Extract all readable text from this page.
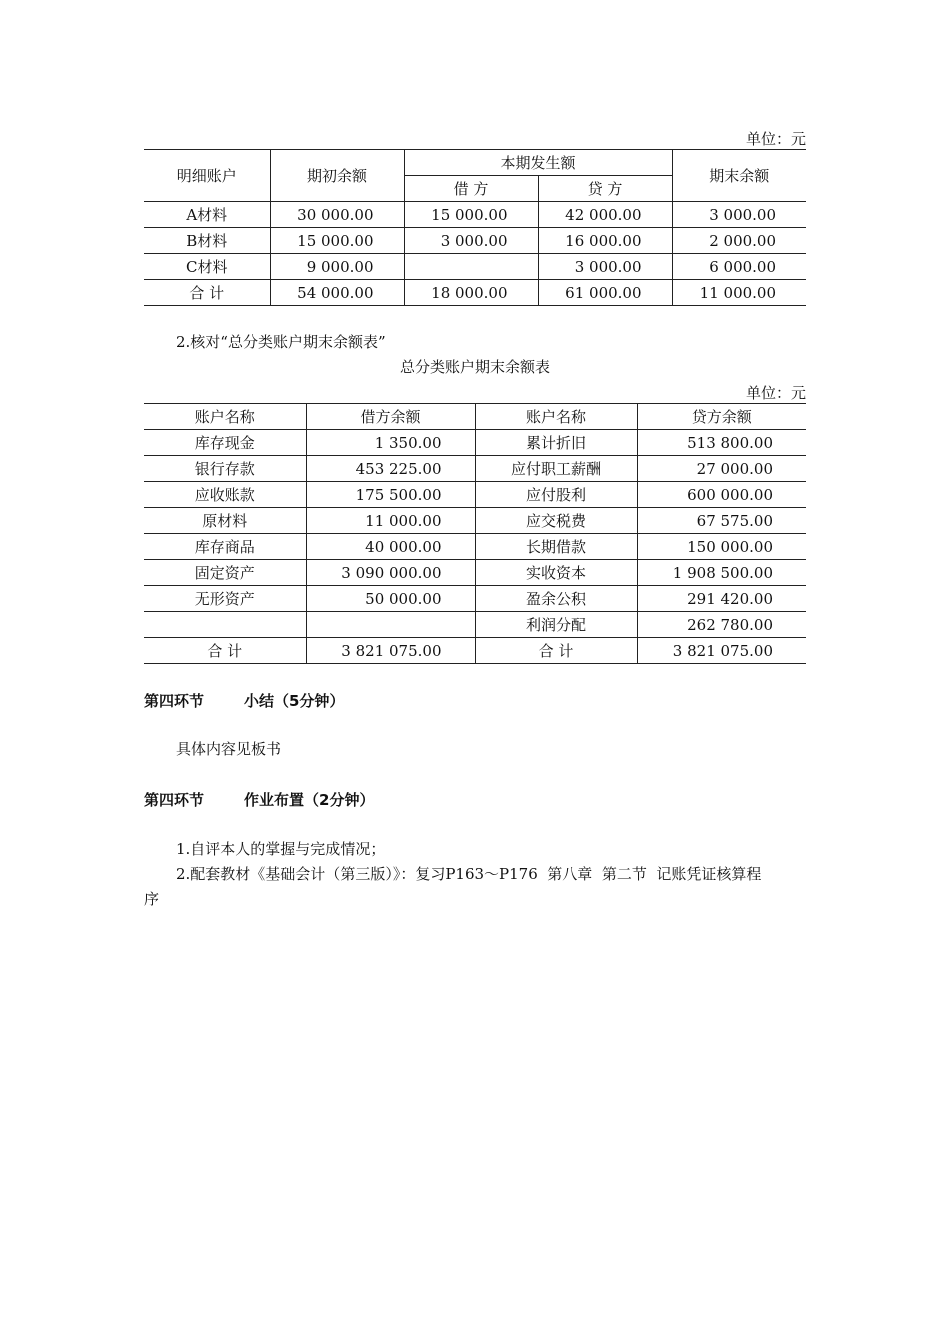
单位：元
明细账户	期初余额	本期发生额		期末余额
		借 方	贷 方	
A材料	30 000.00	15 000.00	42 000.00	3 000.00
B材料	15 000.00	3 000.00	16 000.00	2 000.00
C材料	9 000.00		3 000.00	6 000.00
合 计	54 000.00	18 000.00	61 000.00	11 000.00
2.核对“总分类账户期末余额表”
总分类账户期末余额表
单位：元
账户名称	借方余额	账户名称	贷方余额
库存现金	1 350.00	累计折旧	513 800.00
银行存款	453 225.00	应付职工薪酬	27 000.00
应收账款	175 500.00	应付股利	600 000.00
原材料	11 000.00	应交税费	67 575.00
库存商品	40 000.00	长期借款	150 000.00
固定资产	3 090 000.00	实收资本	1 908 500.00
无形资产	50 000.00	盈余公积	291 420.00
		利润分配	262 780.00
合 计	3 821 075.00	合 计	3 821 075.00
第四环节	小结（5分钟）
具体内容见板书
第四环节	作业布置（2分钟）
1.自评本人的掌握与完成情况；
2.配套教材《基础会计（第三版）》：复习P163～P176  第八章  第二节  记账凭证核算程
序
